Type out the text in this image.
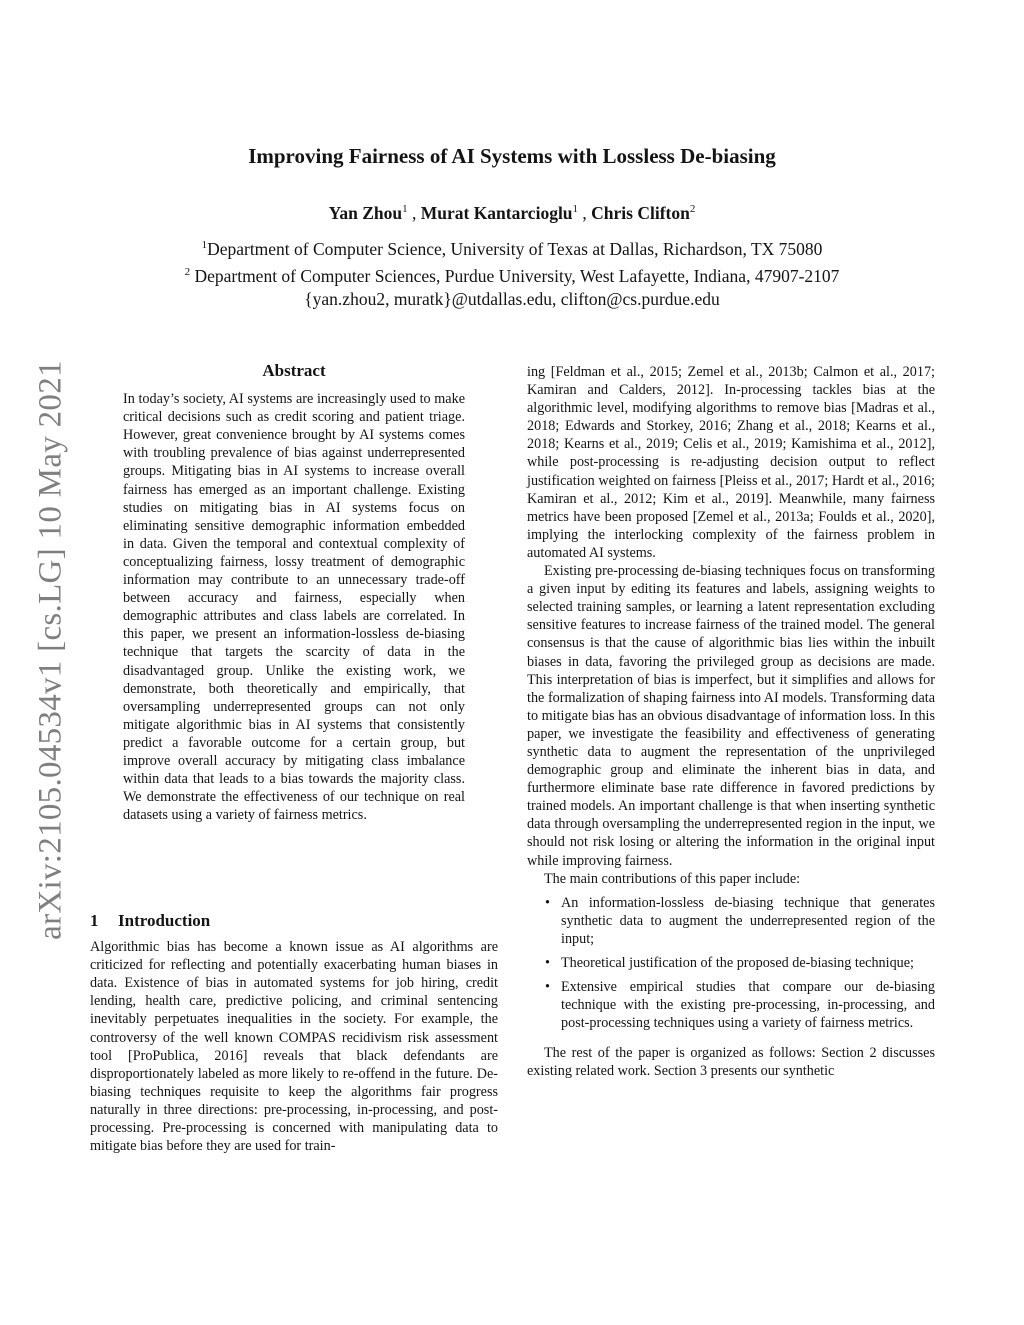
Improving Fairness of AI Systems with Lossless De-biasing
Yan Zhou$^1$ , Murat Kantarcioglu$^1$ , Chris Clifton$^2$
$^1$Department of Computer Science, University of Texas at Dallas, Richardson, TX 75080
$^2$ Department of Computer Sciences, Purdue University, West Lafayette, Indiana, 47907-2107
{yan.zhou2, muratk}@utdallas.edu, clifton@cs.purdue.edu
arXiv:2105.04534v1 [cs.LG] 10 May 2021	Abstract

In today’s society, AI systems are increasingly used to make critical decisions such as credit scoring and patient triage. However, great convenience brought by AI systems comes with troubling prevalence of bias against underrepresented groups. Mitigating bias in AI systems to increase overall fairness has emerged as an important challenge. Existing studies on mitigating bias in AI systems focus on eliminating sensitive demographic information embedded in data. Given the temporal and contextual complexity of conceptualizing fairness, lossy treatment of demographic information may contribute to an unnecessary trade-off between accuracy and fairness, especially when demographic attributes and class labels are correlated. In this paper, we present an information-lossless de-biasing technique that targets the scarcity of data in the disadvantaged group. Unlike the existing work, we demonstrate, both theoretically and empirically, that oversampling underrepresented groups can not only mitigate algorithmic bias in AI systems that consistently predict a favorable outcome for a certain group, but improve overall accuracy by mitigating class imbalance within data that leads to a bias towards the majority class. We demonstrate the effectiveness of our technique on real datasets using a variety of fairness metrics.

1 Introduction

Algorithmic bias has become a known issue as AI algorithms are criticized for reflecting and potentially exacerbating human biases in data. Existence of bias in automated systems for job hiring, credit lending, health care, predictive policing, and criminal sentencing inevitably perpetuates inequalities in the society. For example, the controversy of the well known COMPAS recidivism risk assessment tool [ProPublica, 2016] reveals that black defendants are disproportionately labeled as more likely to re-offend in the future. De-biasing techniques requisite to keep the algorithms fair progress naturally in three directions: pre-processing, in-processing, and post-processing. Pre-processing is concerned with manipulating data to mitigate bias before they are used for train-

ing [Feldman et al., 2015; Zemel et al., 2013b; Calmon et al., 2017; Kamiran and Calders, 2012]. In-processing tackles bias at the algorithmic level, modifying algorithms to remove bias [Madras et al., 2018; Edwards and Storkey, 2016; Zhang et al., 2018; Kearns et al., 2018; Kearns et al., 2019; Celis et al., 2019; Kamishima et al., 2012], while post-processing is re-adjusting decision output to reflect justification weighted on fairness [Pleiss et al., 2017; Hardt et al., 2016; Kamiran et al., 2012; Kim et al., 2019]. Meanwhile, many fairness metrics have been proposed [Zemel et al., 2013a; Foulds et al., 2020], implying the interlocking complexity of the fairness problem in automated AI systems.

Existing pre-processing de-biasing techniques focus on transforming a given input by editing its features and labels, assigning weights to selected training samples, or learning a latent representation excluding sensitive features to increase fairness of the trained model. The general consensus is that the cause of algorithmic bias lies within the inbuilt biases in data, favoring the privileged group as decisions are made. This interpretation of bias is imperfect, but it simplifies and allows for the formalization of shaping fairness into AI models. Transforming data to mitigate bias has an obvious disadvantage of information loss. In this paper, we investigate the feasibility and effectiveness of generating synthetic data to augment the representation of the unprivileged demographic group and eliminate the inherent bias in data, and furthermore eliminate base rate difference in favored predictions by trained models. An important challenge is that when inserting synthetic data through oversampling the underrepresented region in the input, we should not risk losing or altering the information in the original input while improving fairness.

The main contributions of this paper include:

• An information-lossless de-biasing technique that generates synthetic data to augment the underrepresented region of the input;
• Theoretical justification of the proposed de-biasing technique;
• Extensive empirical studies that compare our de-biasing technique with the existing pre-processing, in-processing, and post-processing techniques using a variety of fairness metrics.

The rest of the paper is organized as follows: Section 2 discusses existing related work. Section 3 presents our synthetic
